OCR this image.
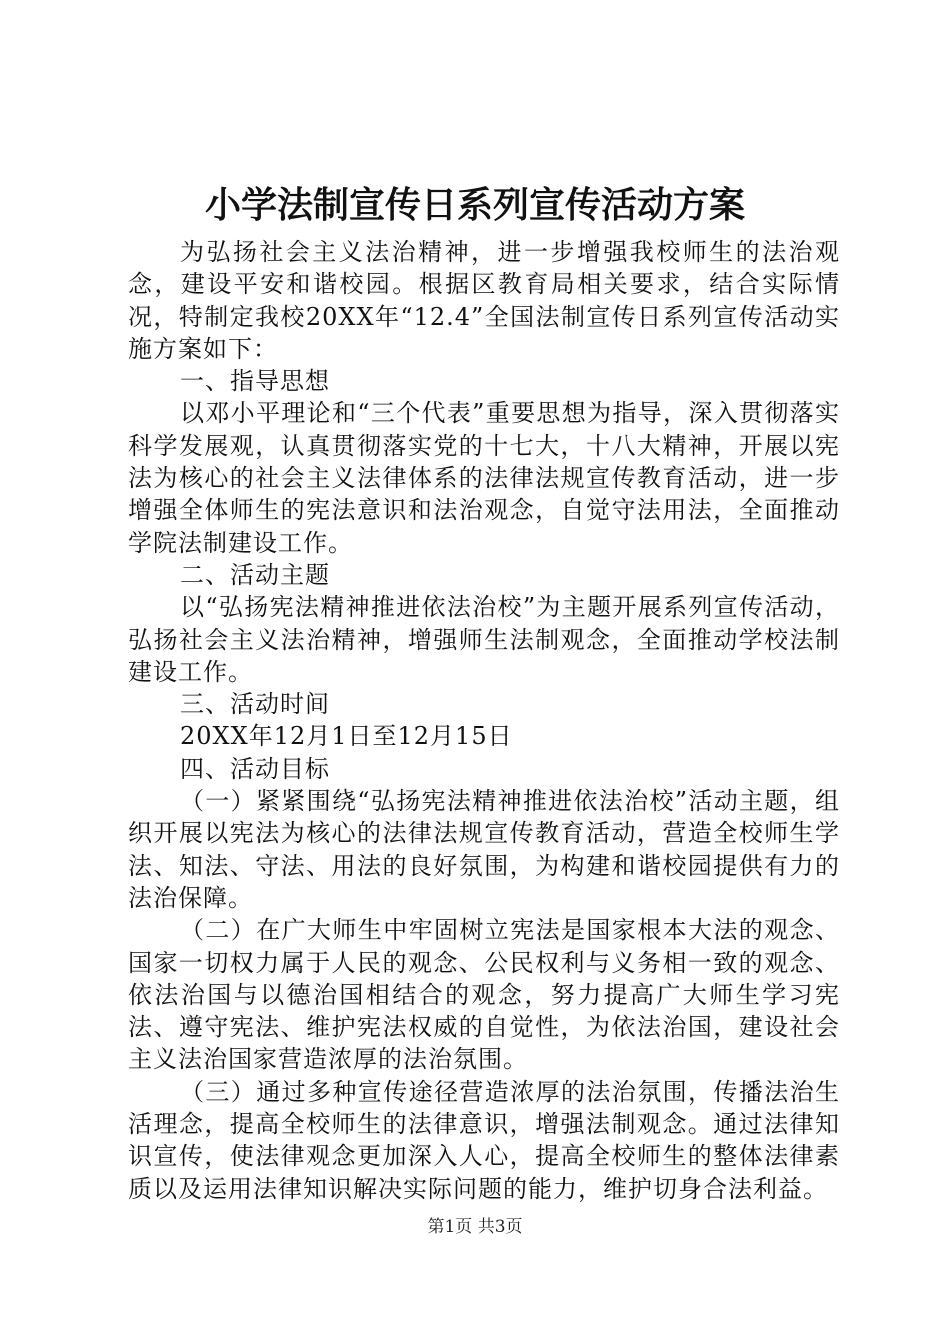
小学法制宣传日系列宣传活动方案

为弘扬社会主义法治精神，进一步增强我校师生的法治观念，建设平安和谐校园。根据区教育局相关要求，结合实际情况，特制定我校20XX年“12.4”全国法制宣传日系列宣传活动实施方案如下：

一、指导思想

以邓小平理论和“三个代表”重要思想为指导，深入贯彻落实科学发展观，认真贯彻落实党的十七大，十八大精神，开展以宪法为核心的社会主义法律体系的法律法规宣传教育活动，进一步增强全体师生的宪法意识和法治观念，自觉守法用法，全面推动学院法制建设工作。

二、活动主题

以“弘扬宪法精神推进依法治校”为主题开展系列宣传活动，弘扬社会主义法治精神，增强师生法制观念，全面推动学校法制建设工作。

三、活动时间

20XX年12月1日至12月15日

四、活动目标

（一）紧紧围绕“弘扬宪法精神推进依法治校”活动主题，组织开展以宪法为核心的法律法规宣传教育活动，营造全校师生学法、知法、守法、用法的良好氛围，为构建和谐校园提供有力的法治保障。

（二）在广大师生中牢固树立宪法是国家根本大法的观念、国家一切权力属于人民的观念、公民权利与义务相一致的观念、依法治国与以德治国相结合的观念，努力提高广大师生学习宪法、遵守宪法、维护宪法权威的自觉性，为依法治国，建设社会主义法治国家营造浓厚的法治氛围。

（三）通过多种宣传途径营造浓厚的法治氛围，传播法治生活理念，提高全校师生的法律意识，增强法制观念。通过法律知识宣传，使法律观念更加深入人心，提高全校师生的整体法律素质以及运用法律知识解决实际问题的能力，维护切身合法利益。

第1页 共3页
